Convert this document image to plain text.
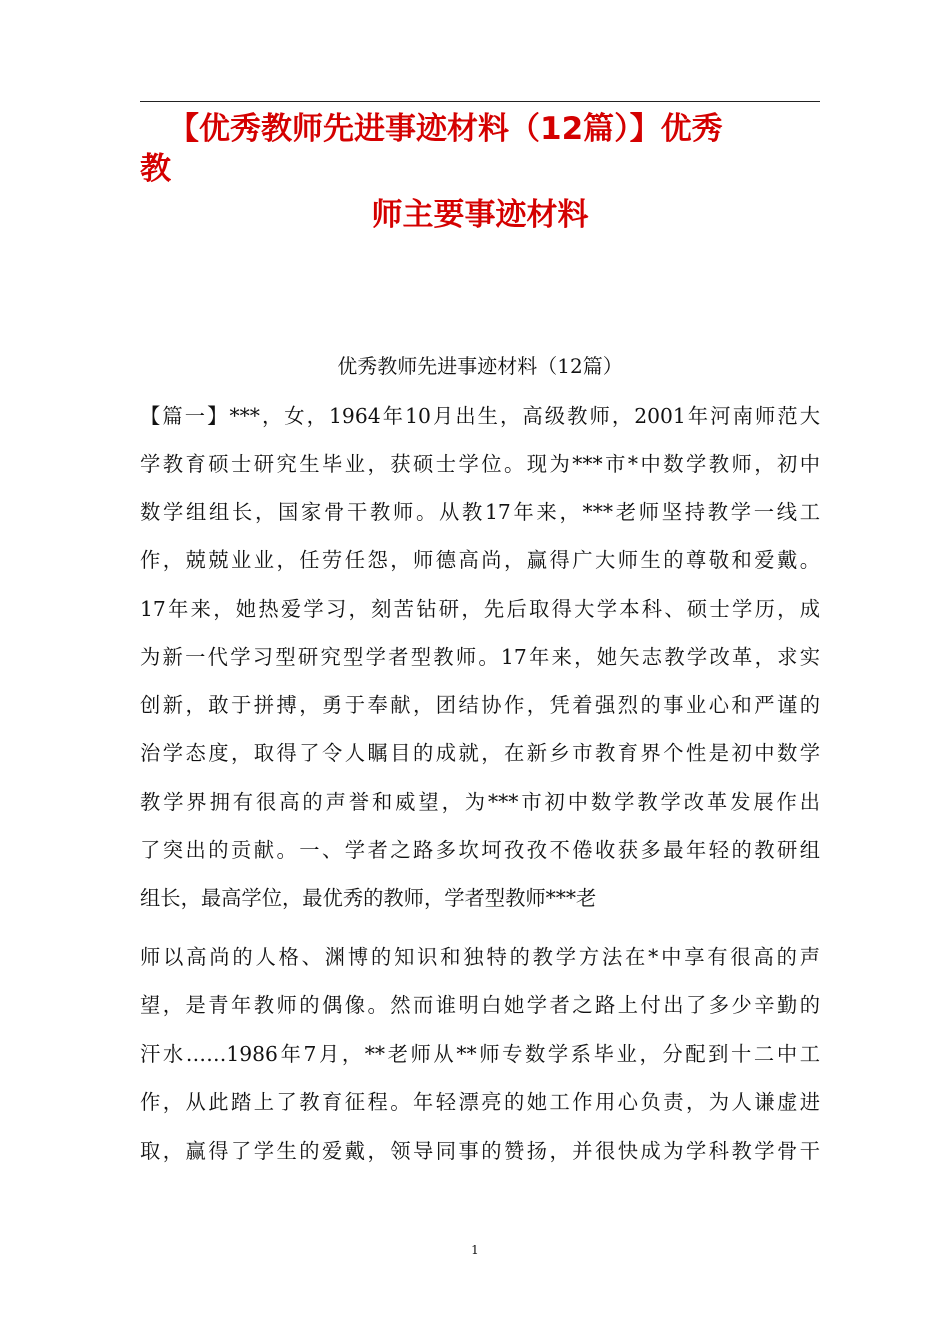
【优秀教师先进事迹材料（12篇）】优秀
教
师主要事迹材料
优秀教师先进事迹材料（12篇）
【篇一】***，女，1964年10月出生，高级教师，2001年河南师范大
学教育硕士研究生毕业，获硕士学位。现为***市*中数学教师，初中
数学组组长，国家骨干教师。从教17年来，***老师坚持教学一线工
作，兢兢业业，任劳任怨，师德高尚，赢得广大师生的尊敬和爱戴。
17年来，她热爱学习，刻苦钻研，先后取得大学本科、硕士学历，成
为新一代学习型研究型学者型教师。17年来，她矢志教学改革，求实
创新，敢于拼搏，勇于奉献，团结协作，凭着强烈的事业心和严谨的
治学态度，取得了令人瞩目的成就，在新乡市教育界个性是初中数学
教学界拥有很高的声誉和威望，为***市初中数学教学改革发展作出
了突出的贡献。一、学者之路多坎坷孜孜不倦收获多最年轻的教研组
组长，最高学位，最优秀的教师，学者型教师***老
师以高尚的人格、渊博的知识和独特的教学方法在*中享有很高的声
望，是青年教师的偶像。然而谁明白她学者之路上付出了多少辛勤的
汗水……1986年7月，**老师从**师专数学系毕业，分配到十二中工
作，从此踏上了教育征程。年轻漂亮的她工作用心负责，为人谦虚进
取，赢得了学生的爱戴，领导同事的赞扬，并很快成为学科教学骨干
1
